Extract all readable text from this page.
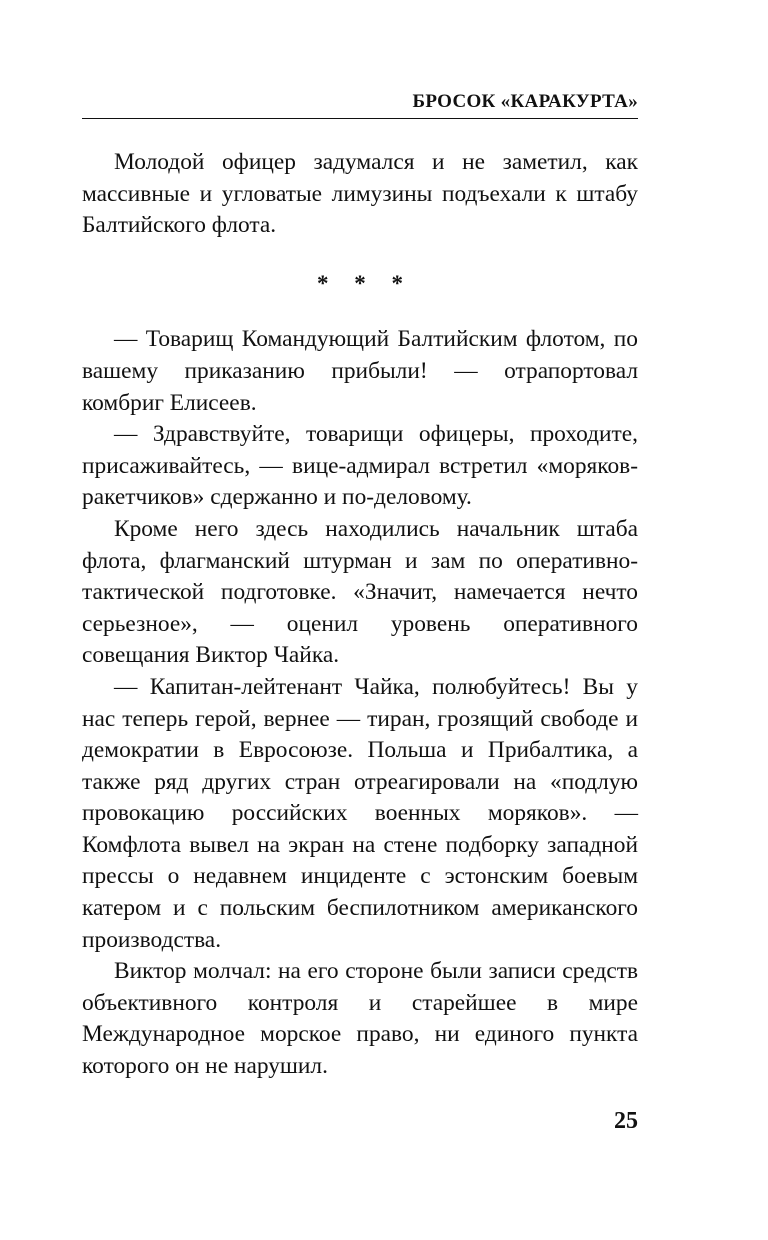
БРОСОК «КАРАКУРТА»

Молодой офицер задумался и не заметил, как массивные и угловатые лимузины подъехали к штабу Балтийского флота.

* * *

— Товарищ Командующий Балтийским флотом, по вашему приказанию прибыли! — отрапортовал комбриг Елисеев.

— Здравствуйте, товарищи офицеры, проходите, присаживайтесь, — вице-адмирал встретил «моряков-ракетчиков» сдержанно и по-деловому.

Кроме него здесь находились начальник штаба флота, флагманский штурман и зам по оперативно-тактической подготовке. «Значит, намечается нечто серьезное», — оценил уровень оперативного совещания Виктор Чайка.

— Капитан-лейтенант Чайка, полюбуйтесь! Вы у нас теперь герой, вернее — тиран, грозящий свободе и демократии в Евросоюзе. Польша и Прибалтика, а также ряд других стран отреагировали на «подлую провокацию российских военных моряков». — Комфлота вывел на экран на стене подборку западной прессы о недавнем инциденте с эстонским боевым катером и с польским беспилотником американского производства.

Виктор молчал: на его стороне были записи средств объективного контроля и старейшее в мире Международное морское право, ни единого пункта которого он не нарушил.

25
